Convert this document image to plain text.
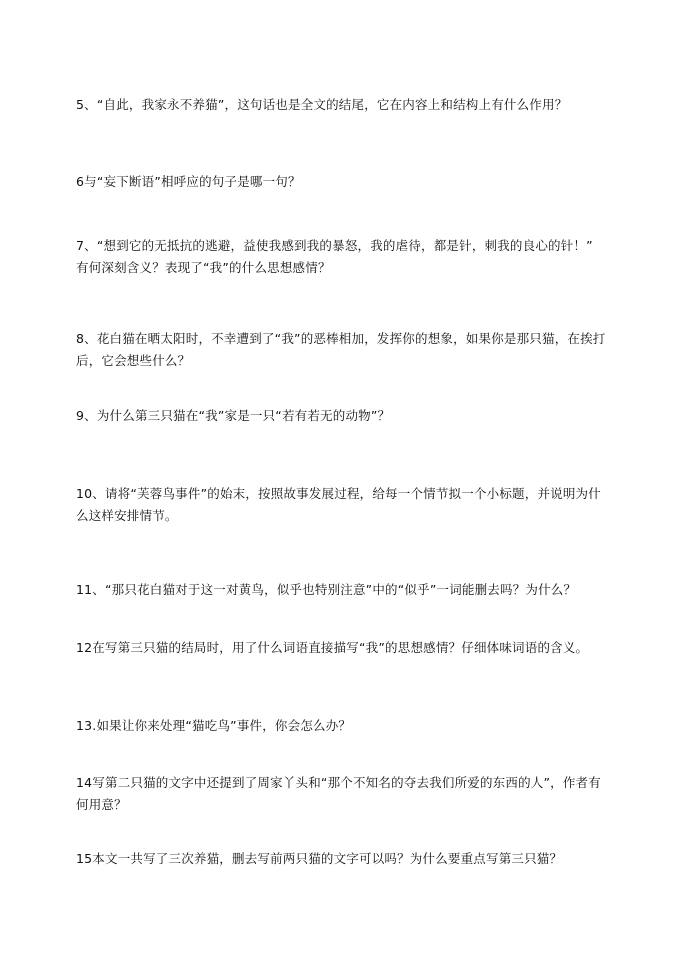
5、“自此，我家永不养猫”，这句话也是全文的结尾，它在内容上和结构上有什么作用？
6与“妄下断语”相呼应的句子是哪一句？
7、“想到它的无抵抗的逃避，益使我感到我的暴怒，我的虐待，都是针，刺我的良心的针！”
有何深刻含义？表现了“我”的什么思想感情？
8、花白猫在晒太阳时，不幸遭到了“我”的恶棒相加，发挥你的想象，如果你是那只猫，在挨打
后，它会想些什么？
9、为什么第三只猫在“我”家是一只“若有若无的动物”？
10、请将“芙蓉鸟事件”的始末，按照故事发展过程，给每一个情节拟一个小标题，并说明为什
么这样安排情节。
11、“那只花白猫对于这一对黄鸟，似乎也特别注意”中的“似乎”一词能删去吗？为什么？
12在写第三只猫的结局时，用了什么词语直接描写“我”的思想感情？仔细体味词语的含义。
13.如果让你来处理“猫吃鸟”事件，你会怎么办？
14写第二只猫的文字中还提到了周家丫头和“那个不知名的夺去我们所爱的东西的人”，作者有
何用意？
15本文一共写了三次养猫，删去写前两只猫的文字可以吗？为什么要重点写第三只猫？
